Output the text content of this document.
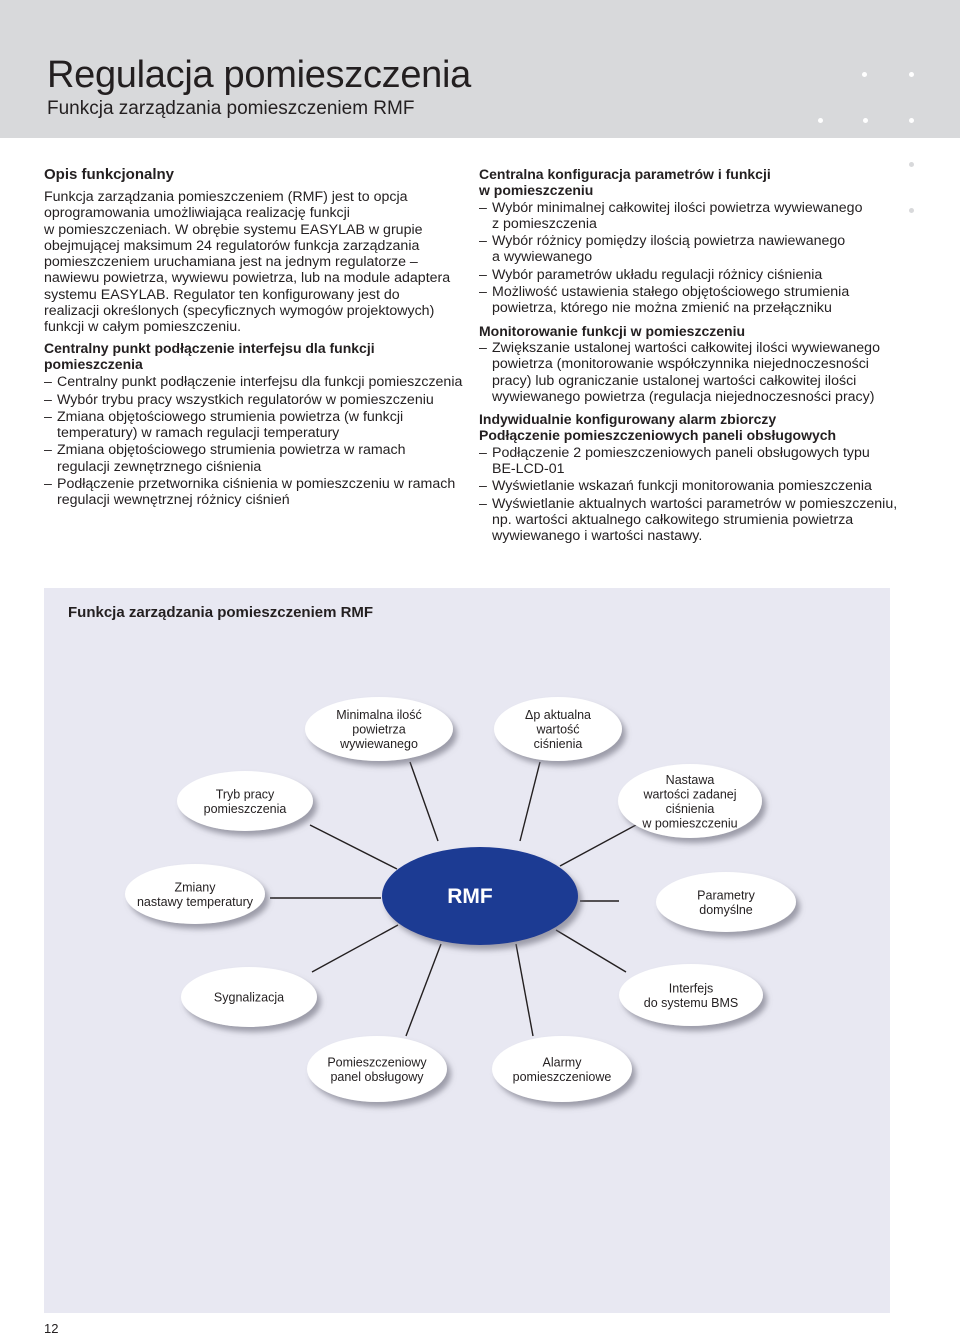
Regulacja pomieszczenia
Funkcja zarządzania pomieszczeniem RMF
Opis funkcjonalny
Funkcja zarządzania pomieszczeniem (RMF) jest to opcja
oprogramowania umożliwiająca realizację funkcji
w pomieszczeniach. W obrębie systemu EASYLAB w grupie
obejmującej maksimum 24 regulatorów funkcja zarządzania
pomieszczeniem uruchamiana jest na jednym regulatorze –
nawiewu powietrza, wywiewu powietrza, lub na module adaptera
systemu EASYLAB. Regulator ten konfigurowany jest do
realizacji określonych (specyficznych wymogów projektowych)
funkcji w całym pomieszczeniu.
Centralny punkt podłączenie interfejsu dla funkcji pomieszczenia
– Centralny punkt podłączenie interfejsu dla funkcji pomieszczenia
– Wybór trybu pracy wszystkich regulatorów w pomieszczeniu
– Zmiana objętościowego strumienia powietrza (w funkcji
temperatury) w ramach regulacji temperatury
– Zmiana objętościowego strumienia powietrza w ramach
regulacji zewnętrznego ciśnienia
– Podłączenie przetwornika ciśnienia w pomieszczeniu w ramach
regulacji wewnętrznej różnicy ciśnień
Centralna konfiguracja parametrów i funkcji
w pomieszczeniu
– Wybór minimalnej całkowitej ilości powietrza wywiewanego
z pomieszczenia
– Wybór różnicy pomiędzy ilością powietrza nawiewanego
a wywiewanego
– Wybór parametrów układu regulacji różnicy ciśnienia
– Możliwość ustawienia stałego objętościowego strumienia
powietrza, którego nie można zmienić na przełączniku
Monitorowanie funkcji w pomieszczeniu
– Zwiększanie ustalonej wartości całkowitej ilości wywiewanego
powietrza (monitorowanie współczynnika niejednoczesności
pracy) lub ograniczanie ustalonej wartości całkowitej ilości
wywiewanego powietrza (regulacja niejednoczesności pracy)
Indywidualnie konfigurowany alarm zbiorczy
Podłączenie pomieszczeniowych paneli obsługowych
– Podłączenie 2 pomieszczeniowych paneli obsługowych typu
BE-LCD-01
– Wyświetlanie wskazań funkcji monitorowania pomieszczenia
– Wyświetlanie aktualnych wartości parametrów w pomieszczeniu,
np. wartości aktualnego całkowitego strumienia powietrza
wywiewanego i wartości nastawy.
Funkcja zarządzania pomieszczeniem RMF
Minimalna ilość
powietrza
wywiewanego
Δp aktualna
wartość
ciśnienia
Tryb pracy
pomieszczenia
Nastawa
wartości zadanej
ciśnienia
w pomieszczeniu
Zmiany
nastawy temperatury	Parametry
domyślne
Sygnalizacja
Interfejs
do systemu BMS
Pomieszczeniowy
panel obsługowy
Alarmy
pomieszczeniowe
RMF
12
